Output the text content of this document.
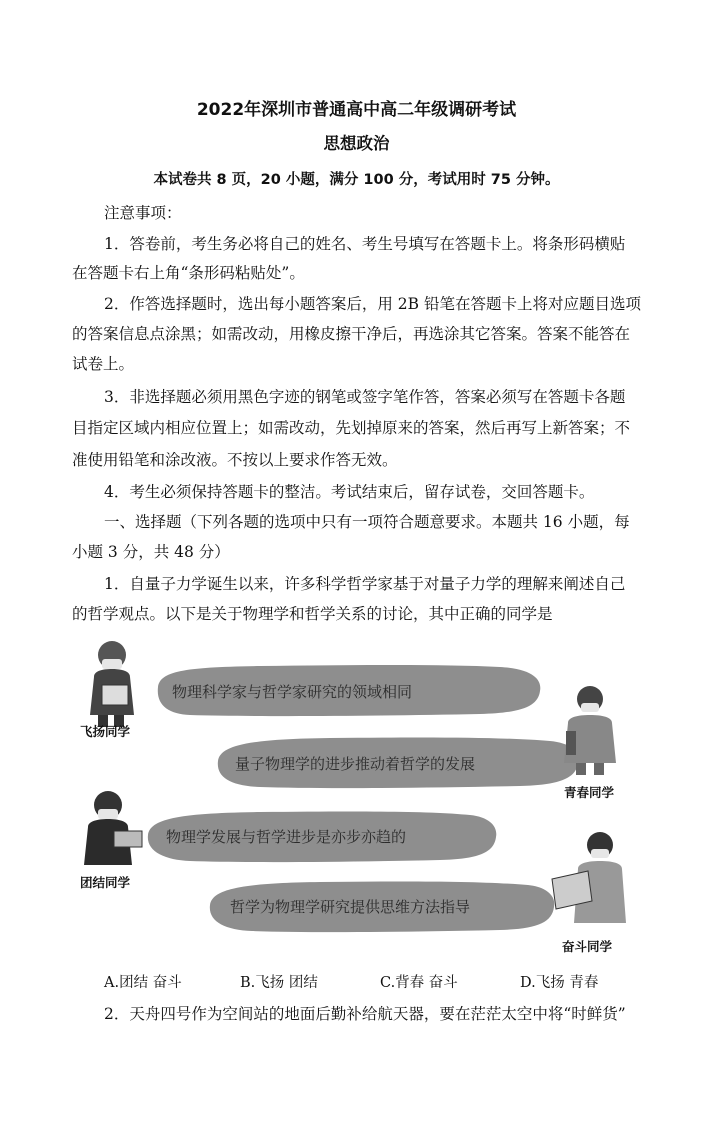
2022年深圳市普通高中高二年级调研考试
思想政治
本试卷共 8 页，20 小题，满分 100 分，考试用时 75 分钟。
注意事项：
1．答卷前，考生务必将自己的姓名、考生号填写在答题卡上。将条形码横贴
在答题卡右上角“条形码粘贴处”。
2．作答选择题时，选出每小题答案后，用 2B 铅笔在答题卡上将对应题目选项
的答案信息点涂黑；如需改动，用橡皮擦干净后，再选涂其它答案。答案不能答在
试卷上。
3．非选择题必须用黑色字迹的钢笔或签字笔作答，答案必须写在答题卡各题
目指定区域内相应位置上；如需改动，先划掉原来的答案，然后再写上新答案；不
准使用铅笔和涂改液。不按以上要求作答无效。
4．考生必须保持答题卡的整洁。考试结束后，留存试卷，交回答题卡。
一、选择题（下列各题的选项中只有一项符合题意要求。本题共 16 小题，每
小题 3 分，共 48 分）
1．自量子力学诞生以来，许多科学哲学家基于对量子力学的理解来阐述自己
的哲学观点。以下是关于物理学和哲学关系的讨论，其中正确的同学是
物理科学家与哲学家研究的领域相同
量子物理学的进步推动着哲学的发展
物理学发展与哲学进步是亦步亦趋的
哲学为物理学研究提供思维方法指导
飞扬同学
青春同学
团结同学
奋斗同学
A.团结 奋斗	B.飞扬 团结	C.背春 奋斗	D.飞扬 青春
2．天舟四号作为空间站的地面后勤补给航天器，要在茫茫太空中将“时鲜货”
